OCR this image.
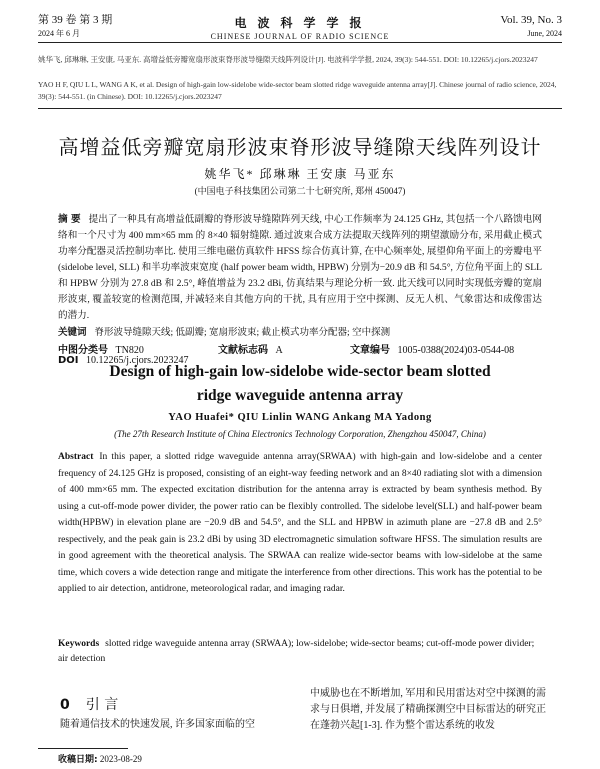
第 39 卷 第 3 期
2024 年 6 月
电 波 科 学 学 报
CHINESE JOURNAL OF RADIO SCIENCE
Vol. 39, No. 3
June, 2024
姚华飞, 邱琳琳, 王安康, 马亚东. 高增益低旁瓣宽扇形波束脊形波导缝隙天线阵列设计[J]. 电波科学学报, 2024, 39(3): 544-551. DOI: 10.12265/j.cjors.2023247
YAO H F, QIU L L, WANG A K, et al. Design of high-gain low-sidelobe wide-sector beam slotted ridge waveguide antenna array[J]. Chinese journal of radio science, 2024, 39(3): 544-551. (in Chinese). DOI: 10.12265/j.cjors.2023247
高增益低旁瓣宽扇形波束脊形波导缝隙天线阵列设计
姚华飞* 邱琳琳 王安康 马亚东
(中国电子科技集团公司第二十七研究所, 郑州 450047)
摘 要 提出了一种具有高增益低副瓣的脊形波导缝隙阵列天线, 中心工作频率为 24.125 GHz, 其包括一个八路馈电网络和一个尺寸为 400 mm×65 mm 的 8×40 辐射缝隙. 通过波束合成方法提取天线阵列的期望激励分布, 采用截止模式功率分配器灵活控制功率比. 使用三维电磁仿真软件 HFSS 综合仿真计算, 在中心频率处, 展望仰角平面上的旁瓣电平 (sidelobe level, SLL) 和半功率波束宽度 (half power beam width, HPBW) 分别为−20.9 dB 和 54.5°, 方位角平面上的 SLL 和 HPBW 分别为 27.8 dB 和 2.5°, 峰值增益为 23.2 dBi, 仿真结果与理论分析一致. 此天线可以同时实现低旁瓣的宽扇形波束, 覆盖较宽的检测范围, 并减轻来自其他方向的干扰, 具有应用于空中探测、反无人机、气象雷达和成像雷达的潜力.
关键词 脊形波导缝隙天线; 低副瓣; 宽扇形波束; 截止模式功率分配器; 空中探测
中图分类号 TN820	文献标志码 A	文章编号 1005-0388(2024)03-0544-08
DOI 10.12265/j.cjors.2023247
Design of high-gain low-sidelobe wide-sector beam slotted
ridge waveguide antenna array
YAO Huafei* QIU Linlin WANG Ankang MA Yadong
(The 27th Research Institute of China Electronics Technology Corporation, Zhengzhou 450047, China)
Abstract In this paper, a slotted ridge waveguide antenna array(SRWAA) with high-gain and low-sidelobe and a center frequency of 24.125 GHz is proposed, consisting of an eight-way feeding network and an 8×40 radiating slot with a dimension of 400 mm×65 mm. The expected excitation distribution for the antenna array is extracted by beam synthesis method. By using a cut-off-mode power divider, the power ratio can be flexibly controlled. The sidelobe level(SLL) and half-power beam width(HPBW) in elevation plane are −20.9 dB and 54.5°, and the SLL and HPBW in azimuth plane are −27.8 dB and 2.5° respectively, and the peak gain is 23.2 dBi by using 3D electromagnetic simulation software HFSS. The simulation results are in good agreement with the theoretical analysis. The SRWAA can realize wide-sector beams with low-sidelobe at the same time, which covers a wide detection range and mitigate the interference from other directions. This work has the potential to be applied to air detection, antidrone, meteorological radar, and imaging radar.
Keywords slotted ridge waveguide antenna array (SRWAA); low-sidelobe; wide-sector beams; cut-off-mode power divider; air detection
0 引 言
随着通信技术的快速发展, 许多国家面临的空
中威胁也在不断增加, 军用和民用雷达对空中探测的需求与日俱增, 并发展了精确探测空中目标雷达的研究正在蓬勃兴起[1-3]. 作为整个雷达系统的收发
收稿日期: 2023-08-29
